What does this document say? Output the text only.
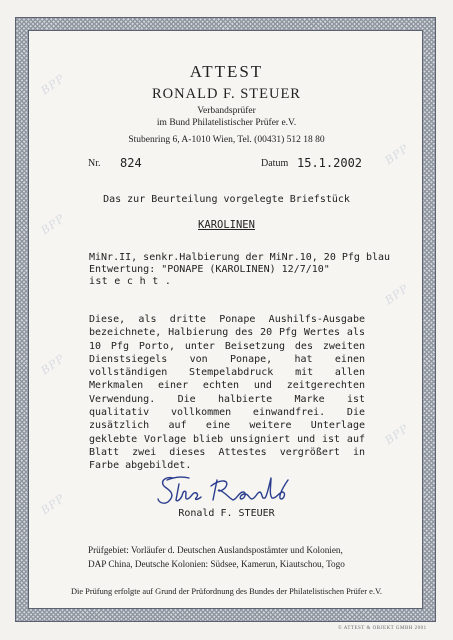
BPP
BPP
BPP
BPP
BPP
BPP
BPP
ATTEST
RONALD F. STEUER
Verbandsprüfer
im Bund Philatelistischer Prüfer e.V.
Stubenring 6, A-1010 Wien, Tel. (00431) 512 18 80
Nr. 824	Datum 15.1.2002
Das zur Beurteilung vorgelegte Briefstück
KAROLINEN
MiNr.II, senkr.Halbierung der MiNr.10, 20 Pfg blau
Entwertung: "PONAPE (KAROLINEN) 12/7/10"
ist e c h t .
Diese, als dritte Ponape Aushilfs-Ausgabe bezeichnete, Halbierung des 20 Pfg Wertes als 10 Pfg Porto, unter Beisetzung des zweiten Dienstsiegels von Ponape, hat einen vollständigen Stempelabdruck mit allen Merkmalen einer echten und zeitgerechten Verwendung. Die halbierte Marke ist qualitativ vollkommen einwandfrei. Die zusätzlich auf eine weitere Unterlage geklebte Vorlage blieb unsigniert und ist auf Blatt zwei dieses Attestes vergrößert in Farbe abgebildet.
Ronald F. STEUER
Prüfgebiet: Vorläufer d. Deutschen Auslandspostämter und Kolonien,
DAP China, Deutsche Kolonien: Südsee, Kamerun, Kiautschou, Togo
Die Prüfung erfolgte auf Grund der Prüfordnung des Bundes der Philatelistischen Prüfer e.V.
© ATTEST & OBJEKT GMBH 2001
